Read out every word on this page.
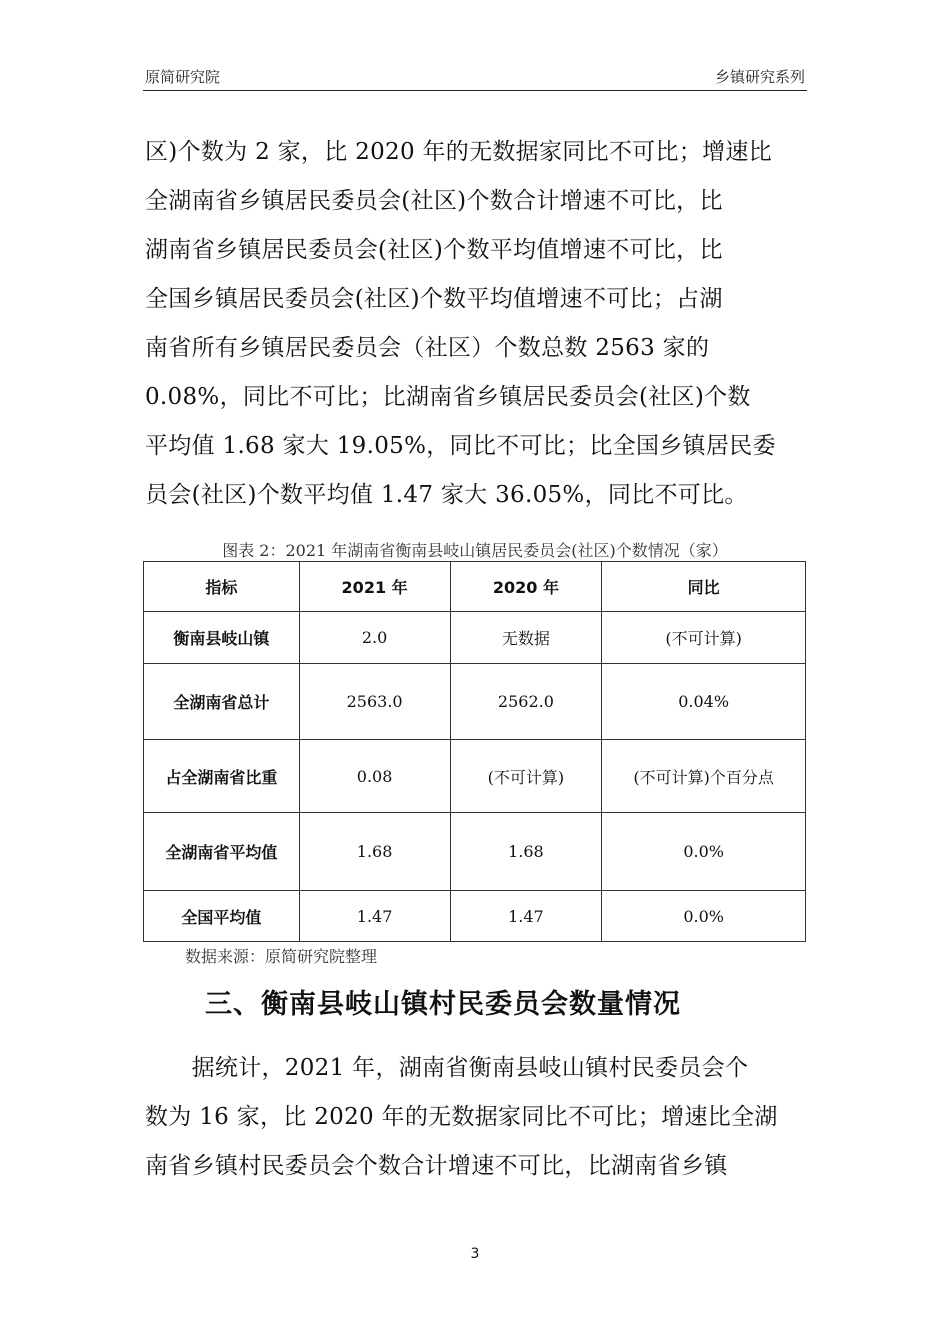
原简研究院	乡镇研究系列
区)个数为 2 家，比 2020 年的无数据家同比不可比；增速比
全湖南省乡镇居民委员会(社区)个数合计增速不可比，比
湖南省乡镇居民委员会(社区)个数平均值增速不可比，比
全国乡镇居民委员会(社区)个数平均值增速不可比；占湖
南省所有乡镇居民委员会（社区）个数总数 2563 家的
0.08%，同比不可比；比湖南省乡镇居民委员会(社区)个数
平均值 1.68 家大 19.05%，同比不可比；比全国乡镇居民委
员会(社区)个数平均值 1.47 家大 36.05%，同比不可比。
图表 2：2021 年湖南省衡南县岐山镇居民委员会(社区)个数情况（家）
指标	2021 年	2020 年	同比
衡南县岐山镇	2.0	无数据	(不可计算)
全湖南省总计	2563.0	2562.0	0.04%
占全湖南省比重	0.08	(不可计算)	(不可计算)个百分点
全湖南省平均值	1.68	1.68	0.0%
全国平均值	1.47	1.47	0.0%
数据来源：原简研究院整理
三、衡南县岐山镇村民委员会数量情况
　　据统计，2021 年，湖南省衡南县岐山镇村民委员会个
数为 16 家，比 2020 年的无数据家同比不可比；增速比全湖
南省乡镇村民委员会个数合计增速不可比，比湖南省乡镇
3
